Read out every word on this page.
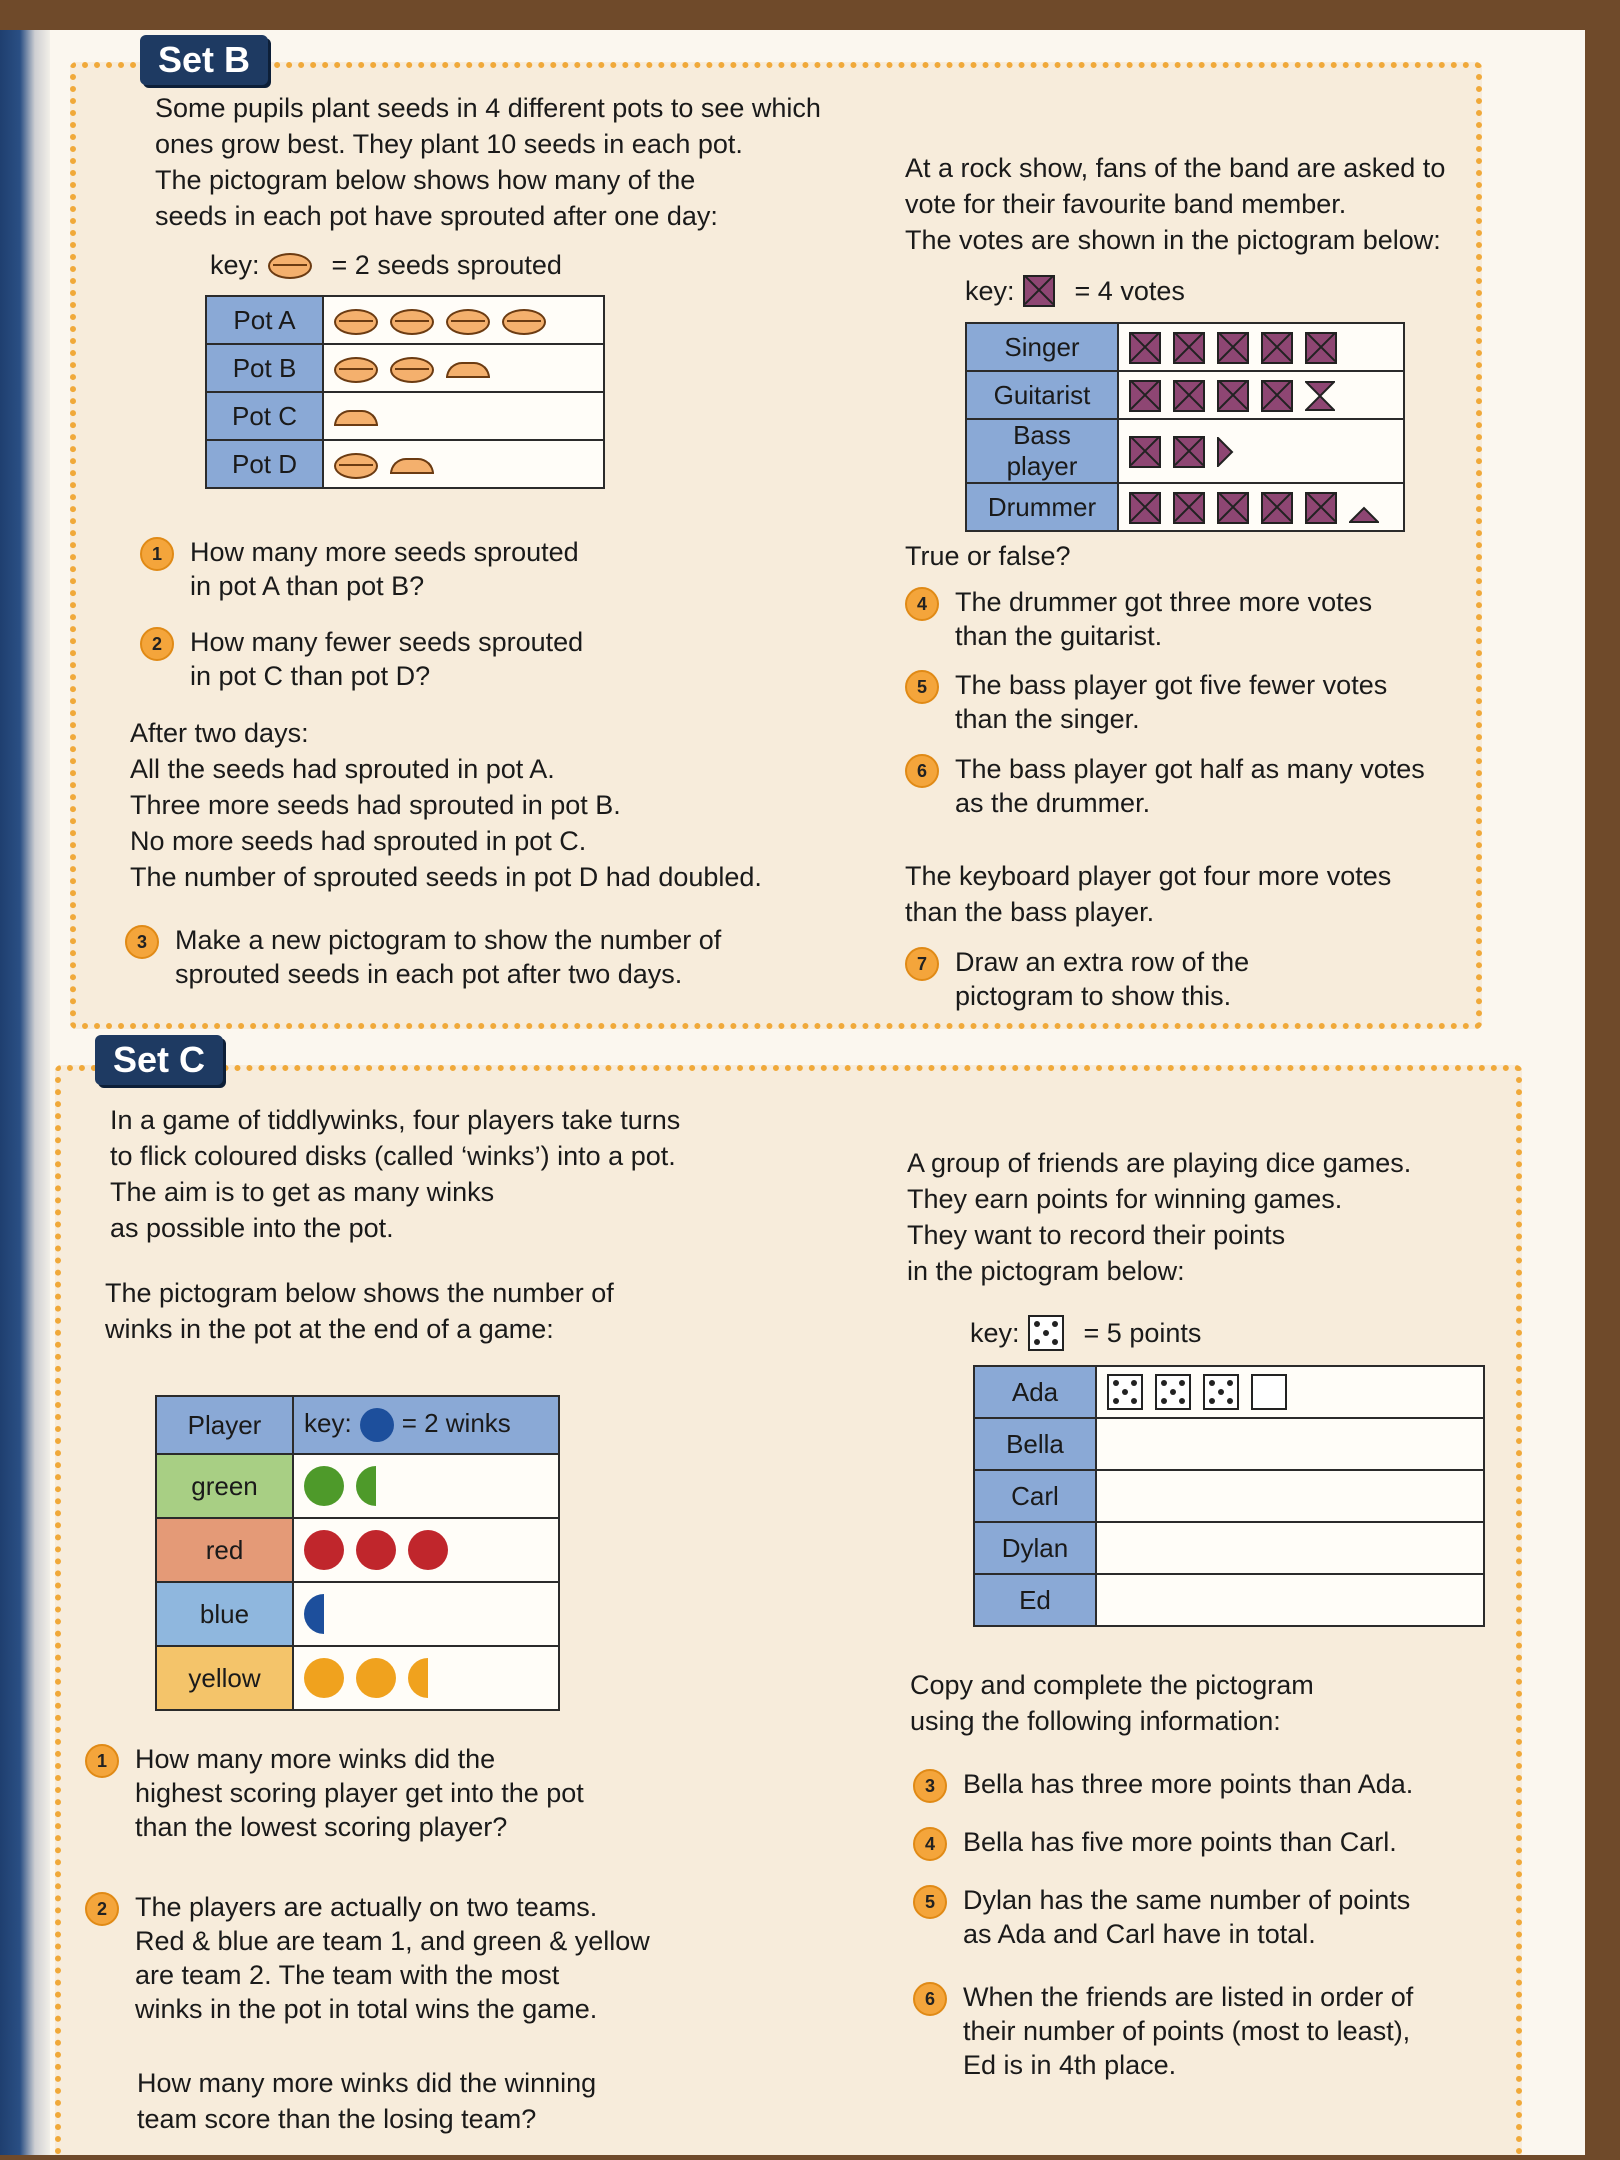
Set B
Some pupils plant seeds in 4 different pots to see which
ones grow best. They plant 10 seeds in each pot.
The pictogram below shows how many of the
seeds in each pot have sprouted after one day:
key:	= 2 seeds sprouted
Pot A	
Pot B	
Pot C	
Pot D	
1	How many more seeds sprouted
in pot A than pot B?
2	How many fewer seeds sprouted
in pot C than pot D?
After two days:
All the seeds had sprouted in pot A.
Three more seeds had sprouted in pot B.
No more seeds had sprouted in pot C.
The number of sprouted seeds in pot D had doubled.
3	Make a new pictogram to show the number of
sprouted seeds in each pot after two days.
At a rock show, fans of the band are asked to
vote for their favourite band member.
The votes are shown in the pictogram below:
key: = 4 votes
Singer	
Guitarist	
Bass player	
Drummer	
True or false?
4	The drummer got three more votes
than the guitarist.
5	The bass player got five fewer votes
than the singer.
6	The bass player got half as many votes
as the drummer.
The keyboard player got four more votes
than the bass player.
7	Draw an extra row of the
pictogram to show this.
Set C
In a game of tiddlywinks, four players take turns
to flick coloured disks (called ‘winks’) into a pot.
The aim is to get as many winks
as possible into the pot.
The pictogram below shows the number of
winks in the pot at the end of a game:
Player	key: = 2 winks
green	
red	
blue	
yellow	
1	How many more winks did the
highest scoring player get into the pot
than the lowest scoring player?
2	The players are actually on two teams.
Red & blue are team 1, and green & yellow
are team 2. The team with the most
winks in the pot in total wins the game.
How many more winks did the winning
team score than the losing team?
A group of friends are playing dice games.
They earn points for winning games.
They want to record their points
in the pictogram below:
key: = 5 points
Ada	

Bella	
Carl	
Dylan	
Ed	
Copy and complete the pictogram
using the following information:
3	Bella has three more points than Ada.
4	Bella has five more points than Carl.
5	Dylan has the same number of points
as Ada and Carl have in total.
6	When the friends are listed in order of
their number of points (most to least),
Ed is in 4th place.
